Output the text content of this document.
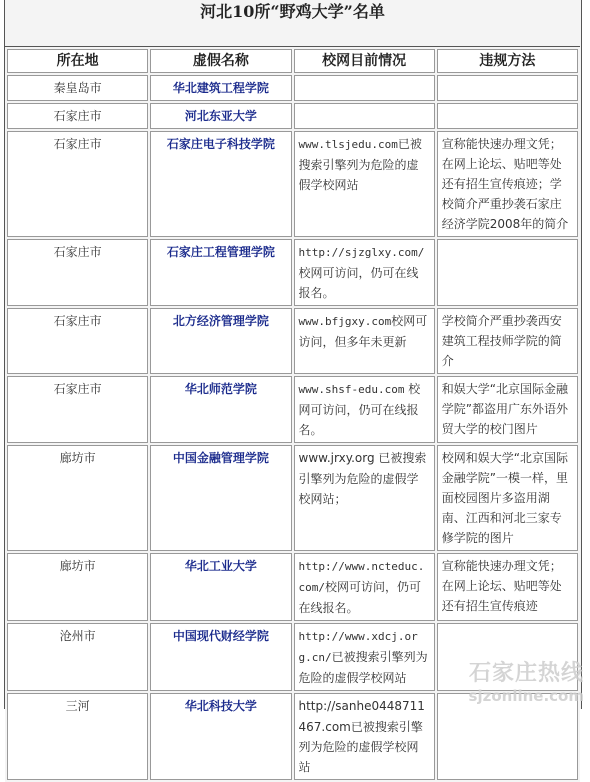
河北10所“野鸡大学”名单
所在地	虚假名称	校网目前情况	违规方法
秦皇岛市	华北建筑工程学院		
石家庄市	河北东亚大学		
石家庄市	石家庄电子科技学院	www.tlsjedu.com已被搜索引擎列为危险的虚假学校网站	宣称能快速办理文凭；在网上论坛、贴吧等处还有招生宣传痕迹；学校简介严重抄袭石家庄经济学院2008年的简介
石家庄市	石家庄工程管理学院	http://sjzglxy.com/校网可访问，仍可在线报名。	
石家庄市	北方经济管理学院	www.bfjgxy.com校网可访问，但多年未更新	学校简介严重抄袭西安建筑工程技师学院的简介
石家庄市	华北师范学院	www.shsf-edu.com 校网可访问，仍可在线报名。	和娱大学“北京国际金融学院”都盗用广东外语外贸大学的校门图片
廊坊市	中国金融管理学院	www.jrxy.org 已被搜索引擎列为危险的虚假学校网站；	校网和娱大学“北京国际金融学院”一模一样，里面校园图片多盗用湖南、江西和河北三家专修学院的图片
廊坊市	华北工业大学	http://www.ncteduc.com/校网可访问，仍可在线报名。	宣称能快速办理文凭；在网上论坛、贴吧等处还有招生宣传痕迹
沧州市	中国现代财经学院	http://www.xdcj.org.cn/已被搜索引擎列为危险的虚假学校网站	
三河	华北科技大学	http://sanhe0448711467.com已被搜索引擎列为危险的虚假学校网站	
石家庄热线
sjzonline.com
